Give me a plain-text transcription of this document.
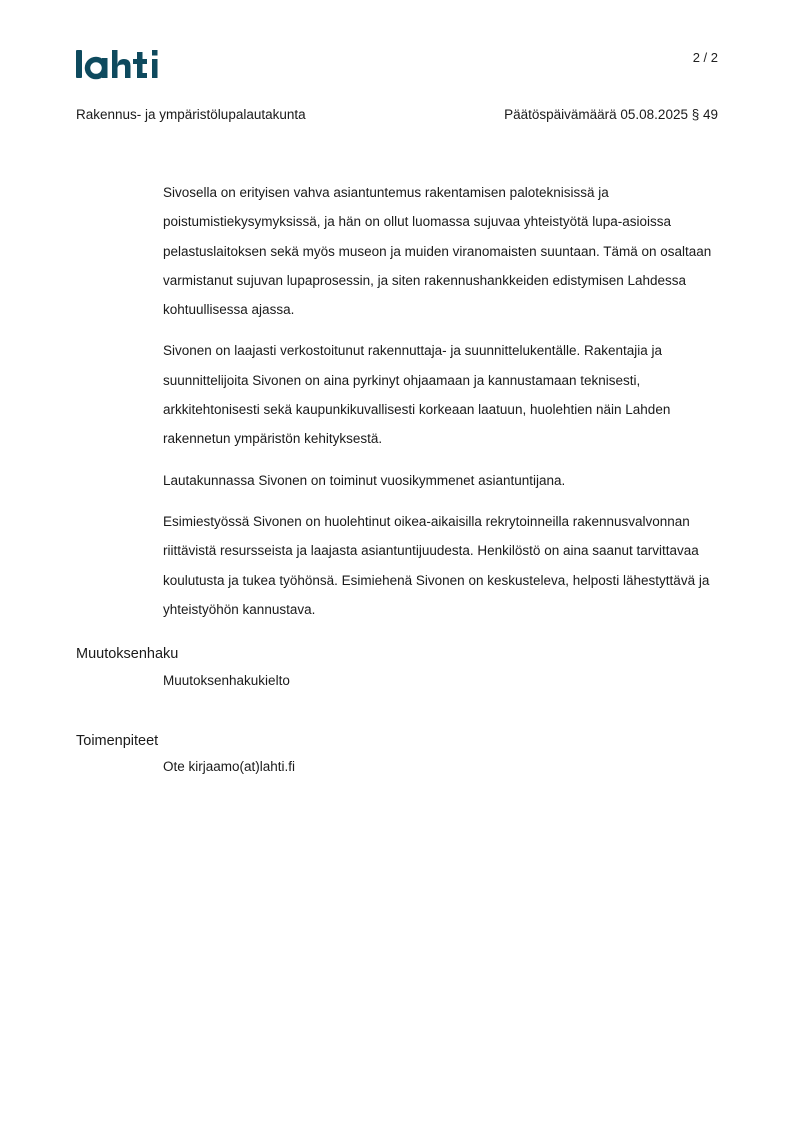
2 / 2
Rakennus- ja ympäristölupalautakunta	Päätöspäivämäärä 05.08.2025 § 49

Sivosella on erityisen vahva asiantuntemus rakentamisen paloteknisissä ja poistumistiekysymyksissä, ja hän on ollut luomassa sujuvaa yhteistyötä lupa-asioissa pelastuslaitoksen sekä myös museon ja muiden viranomaisten suuntaan. Tämä on osaltaan varmistanut sujuvan lupaprosessin, ja siten rakennushankkeiden edistymisen Lahdessa kohtuullisessa ajassa.

Sivonen on laajasti verkostoitunut rakennuttaja- ja suunnittelukentälle. Rakentajia ja suunnittelijoita Sivonen on aina pyrkinyt ohjaamaan ja kannustamaan teknisesti, arkkitehtonisesti sekä kaupunkikuvallisesti korkeaan laatuun, huolehtien näin Lahden rakennetun ympäristön kehityksestä.

Lautakunnassa Sivonen on toiminut vuosikymmenet asiantuntijana.

Esimiestyössä Sivonen on huolehtinut oikea-aikaisilla rekrytoinneilla rakennusvalvonnan riittävistä resursseista ja laajasta asiantuntijuudesta. Henkilöstö on aina saanut tarvittavaa koulutusta ja tukea työhönsä. Esimiehenä Sivonen on keskusteleva, helposti lähestyttävä ja yhteistyöhön kannustava.

Muutoksenhaku
Muutoksenhakukielto
Toimenpiteet
Ote kirjaamo(at)lahti.fi
